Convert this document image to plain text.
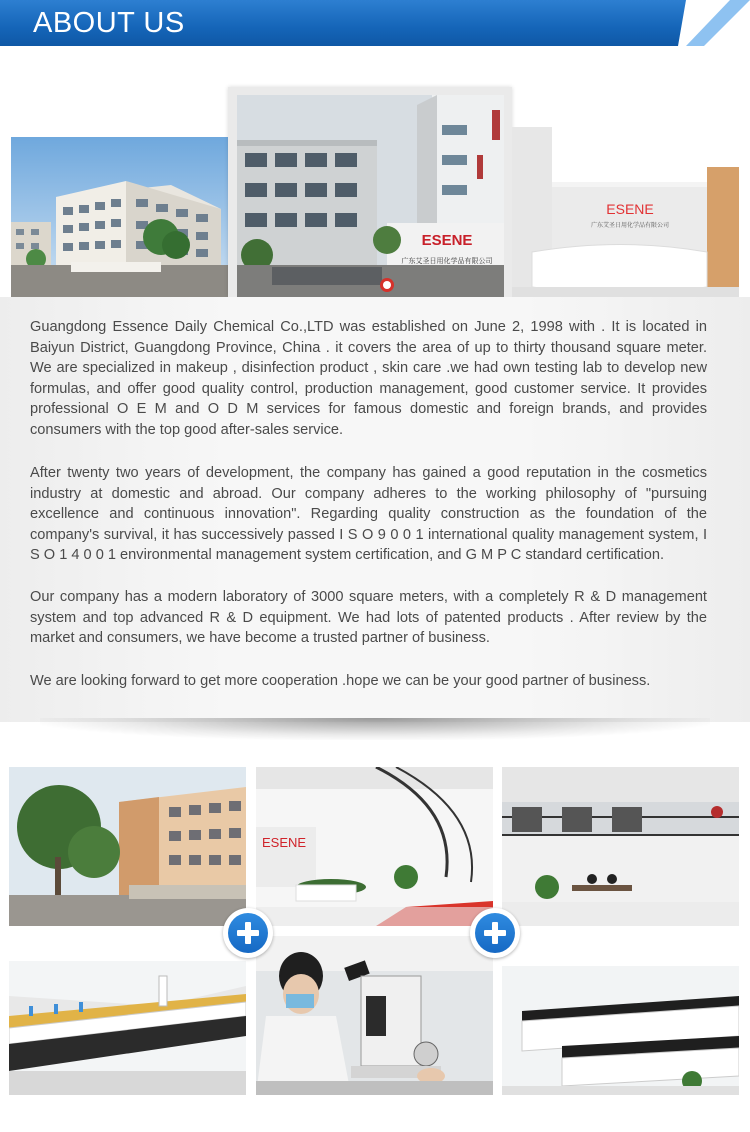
ABOUT US
ESENE
广东艾圣日用化学品有限公司
ESENE
广东艾圣日用化学品有限公司

Guangdong Essence Daily Chemical Co.,LTD was established on June 2, 1998 with . It is located in Baiyun District, Guangdong Province, China . it covers the area of up to thirty thousand square meter. We are specialized in makeup , disinfection product , skin care .we had own testing lab to develop new formulas, and offer good quality control, production management, good customer service. It provides professional O E M and O D M services for famous domestic and foreign brands, and provides consumers with the top good after-sales service.

After twenty two years of development, the company has gained a good reputation in the cosmetics industry at domestic and abroad. Our company adheres to the working philosophy of "pursuing excellence and continuous innovation". Regarding quality construction as the foundation of the company's survival, it has successively passed I S O 9 0 0 1 international quality management system, I S O 1 4 0 0 1 environmental management system certification, and G M P C standard certification.

Our company has a modern laboratory of 3000 square meters, with a completely R & D management system and top advanced R & D equipment. We had lots of patented products . After review by the market and consumers, we have become a trusted partner of business.

We are looking forward to get more cooperation .hope we can be your good partner of business.

ESENE
